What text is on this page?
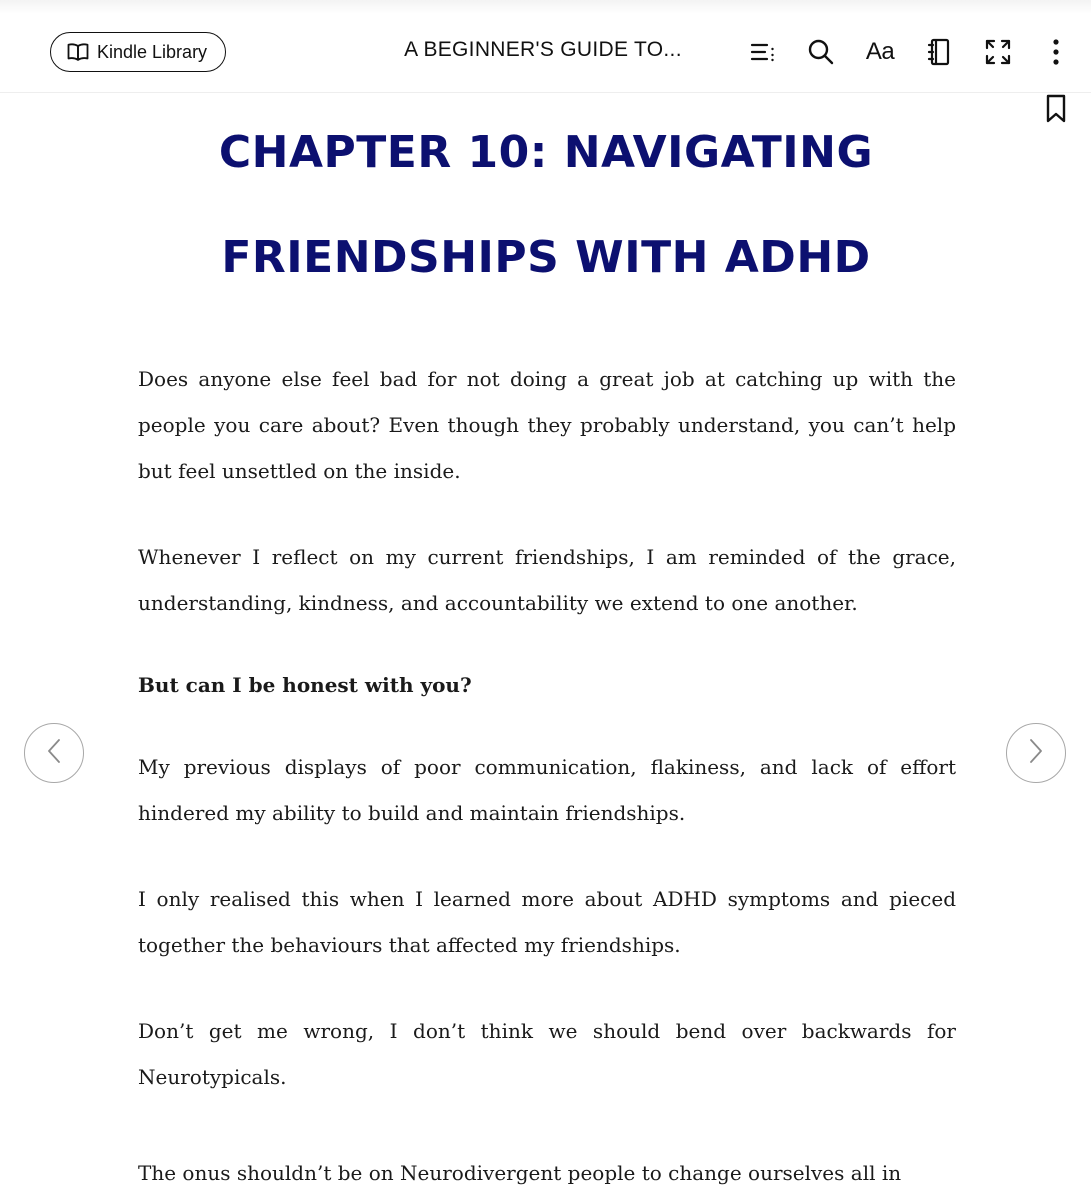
Kindle Library	A BEGINNER'S GUIDE TO...	Aa
CHAPTER 10: NAVIGATING
FRIENDSHIPS WITH ADHD

Does anyone else feel bad for not doing a great job at catching up with the people you care about? Even though they probably understand, you can’t help but feel unsettled on the inside.

Whenever I reflect on my current friendships, I am reminded of the grace, understanding, kindness, and accountability we extend to one another.

But can I be honest with you?

My previous displays of poor communication, flakiness, and lack of effort hindered my ability to build and maintain friendships.

I only realised this when I learned more about ADHD symptoms and pieced together the behaviours that affected my friendships.

Don’t get me wrong, I don’t think we should bend over backwards for Neurotypicals.

The onus shouldn’t be on Neurodivergent people to change ourselves all in
